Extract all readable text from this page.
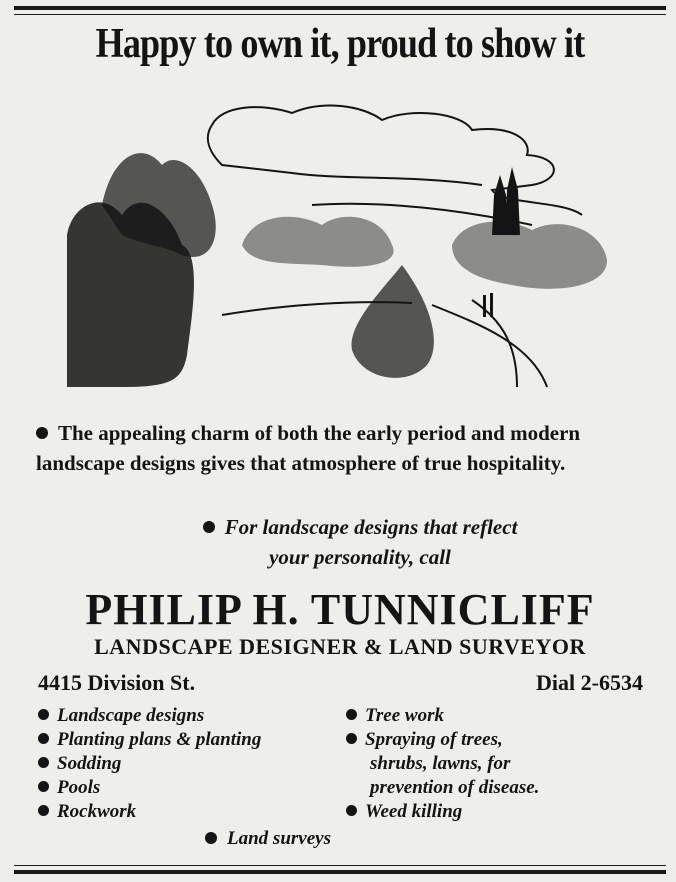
Happy to own it, proud to show it
The appealing charm of both the early period and modern landscape designs gives that atmosphere of true hospitality.
For landscape designs that reflect
your personality, call
PHILIP H. TUNNICLIFF
LANDSCAPE DESIGNER & LAND SURVEYOR
4415 Division St.	Dial 2-6534
Landscape designs
Planting plans & planting
Sodding
Pools
Rockwork
Tree work
Spraying of trees,
shrubs, lawns, for
prevention of disease.
Weed killing
Land surveys
